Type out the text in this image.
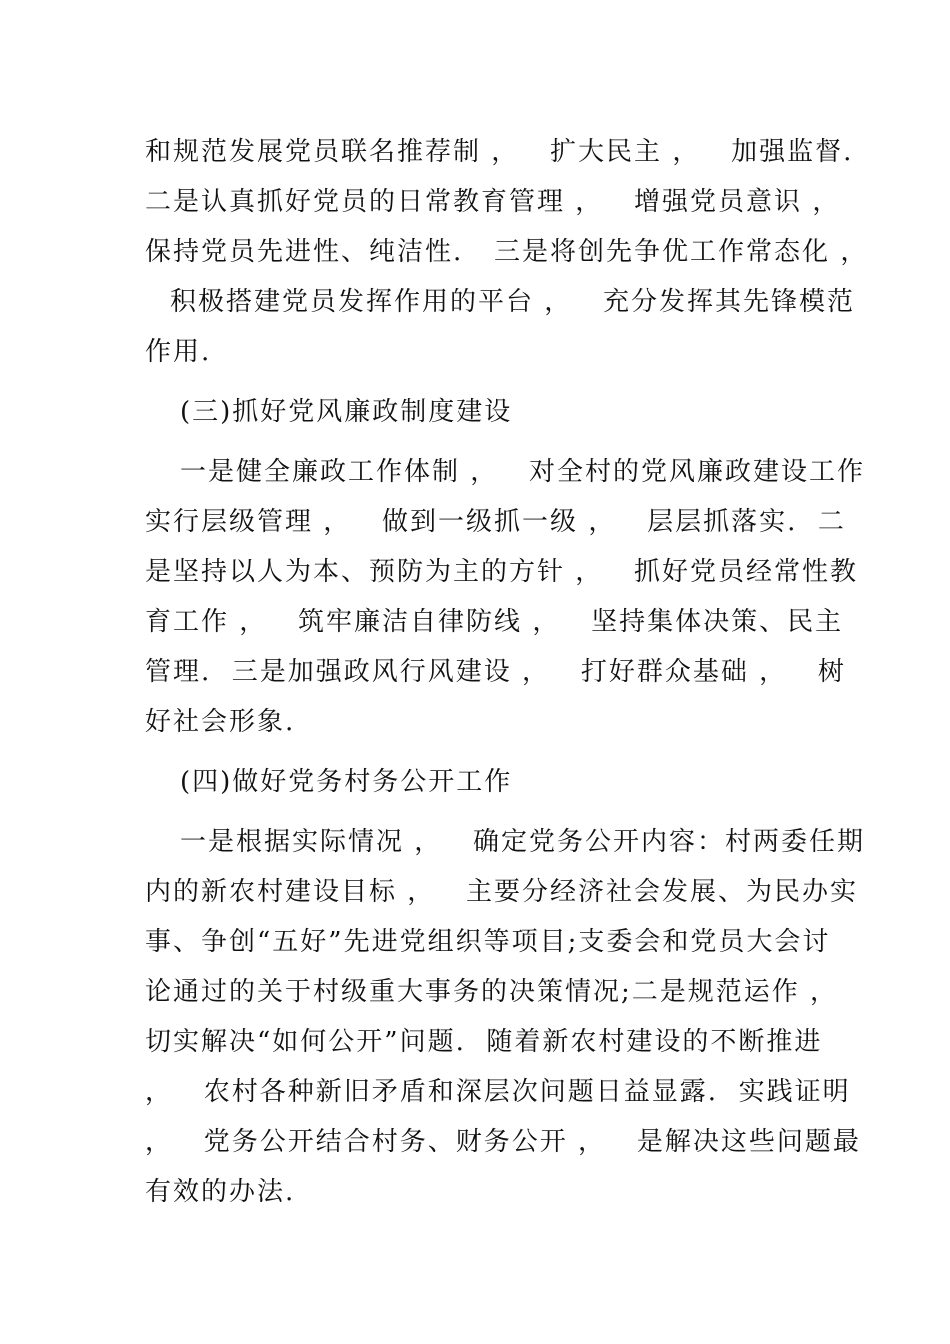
和规范发展党员联名推荐制 ，   扩大民主 ，   加强监督.
二是认真抓好党员的日常教育管理 ，   增强党员意识 ，
保持党员先进性、纯洁性.   三是将创先争优工作常态化 ，
积极搭建党员发挥作用的平台 ，   充分发挥其先锋模范
作用.
(三)抓好党风廉政制度建设
一是健全廉政工作体制 ，   对全村的党风廉政建设工作
实行层级管理 ，   做到一级抓一级 ，   层层抓落实.  二
是坚持以人为本、预防为主的方针 ，   抓好党员经常性教
育工作 ，   筑牢廉洁自律防线 ，   坚持集体决策、民主
管理.  三是加强政风行风建设 ，   打好群众基础 ，   树
好社会形象.
(四)做好党务村务公开工作
一是根据实际情况 ，   确定党务公开内容：村两委任期
内的新农村建设目标 ，   主要分经济社会发展、为民办实
事、争创“五好”先进党组织等项目;支委会和党员大会讨
论通过的关于村级重大事务的决策情况;二是规范运作 ，
切实解决“如何公开”问题.  随着新农村建设的不断推进
，   农村各种新旧矛盾和深层次问题日益显露.  实践证明
，   党务公开结合村务、财务公开 ，   是解决这些问题最
有效的办法.
